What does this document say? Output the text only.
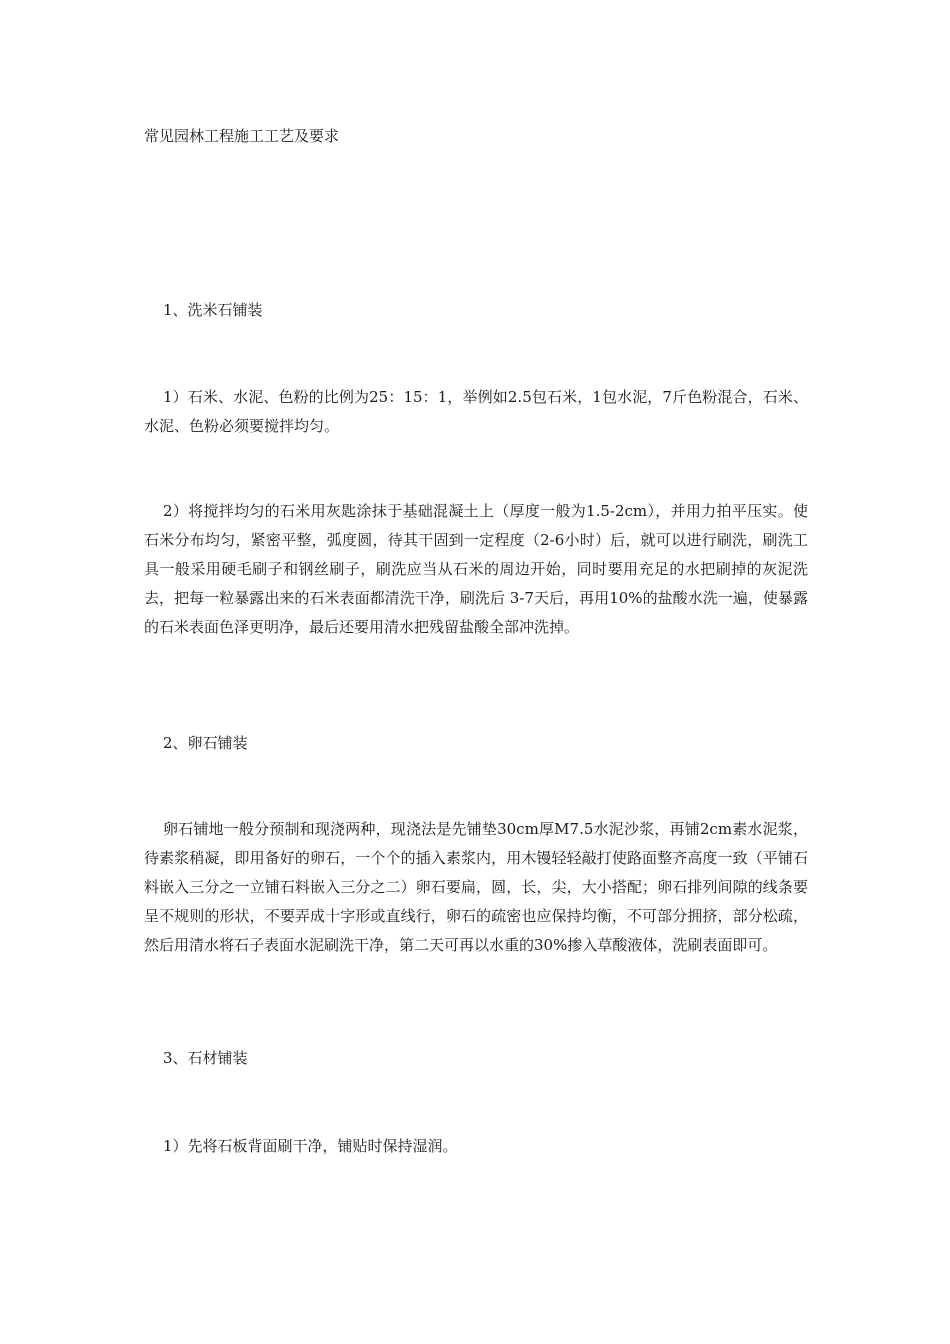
常见园林工程施工工艺及要求
1、洗米石铺装

1）石米、水泥、色粉的比例为25：15：1，举例如2.5包石米，1包水泥，7斤色粉混合，石米、水泥、色粉必须要搅拌均匀。

2）将搅拌均匀的石米用灰匙涂抹于基础混凝土上（厚度一般为1.5-2cm），并用力拍平压实。使石米分布均匀，紧密平整，弧度圆，待其干固到一定程度（2-6小时）后，就可以进行刷洗，刷洗工具一般采用硬毛刷子和钢丝刷子，刷洗应当从石米的周边开始，同时要用充足的水把刷掉的灰泥洗去，把每一粒暴露出来的石米表面都清洗干净，刷洗后 3-7天后，再用10%的盐酸水洗一遍，使暴露的石米表面色泽更明净，最后还要用清水把残留盐酸全部冲洗掉。

2、卵石铺装

卵石铺地一般分预制和现浇两种，现浇法是先铺垫30cm厚M7.5水泥沙浆，再铺2cm素水泥浆，待素浆稍凝，即用备好的卵石，一个个的插入素浆内，用木镘轻轻敲打使路面整齐高度一致（平铺石料嵌入三分之一立铺石料嵌入三分之二）卵石要扁，圆，长，尖，大小搭配；卵石排列间隙的线条要呈不规则的形状，不要弄成十字形或直线行，卵石的疏密也应保持均衡，不可部分拥挤，部分松疏，然后用清水将石子表面水泥刷洗干净，第二天可再以水重的30%掺入草酸液体，洗刷表面即可。

3、石材铺装

1）先将石板背面刷干净，铺贴时保持湿润。
